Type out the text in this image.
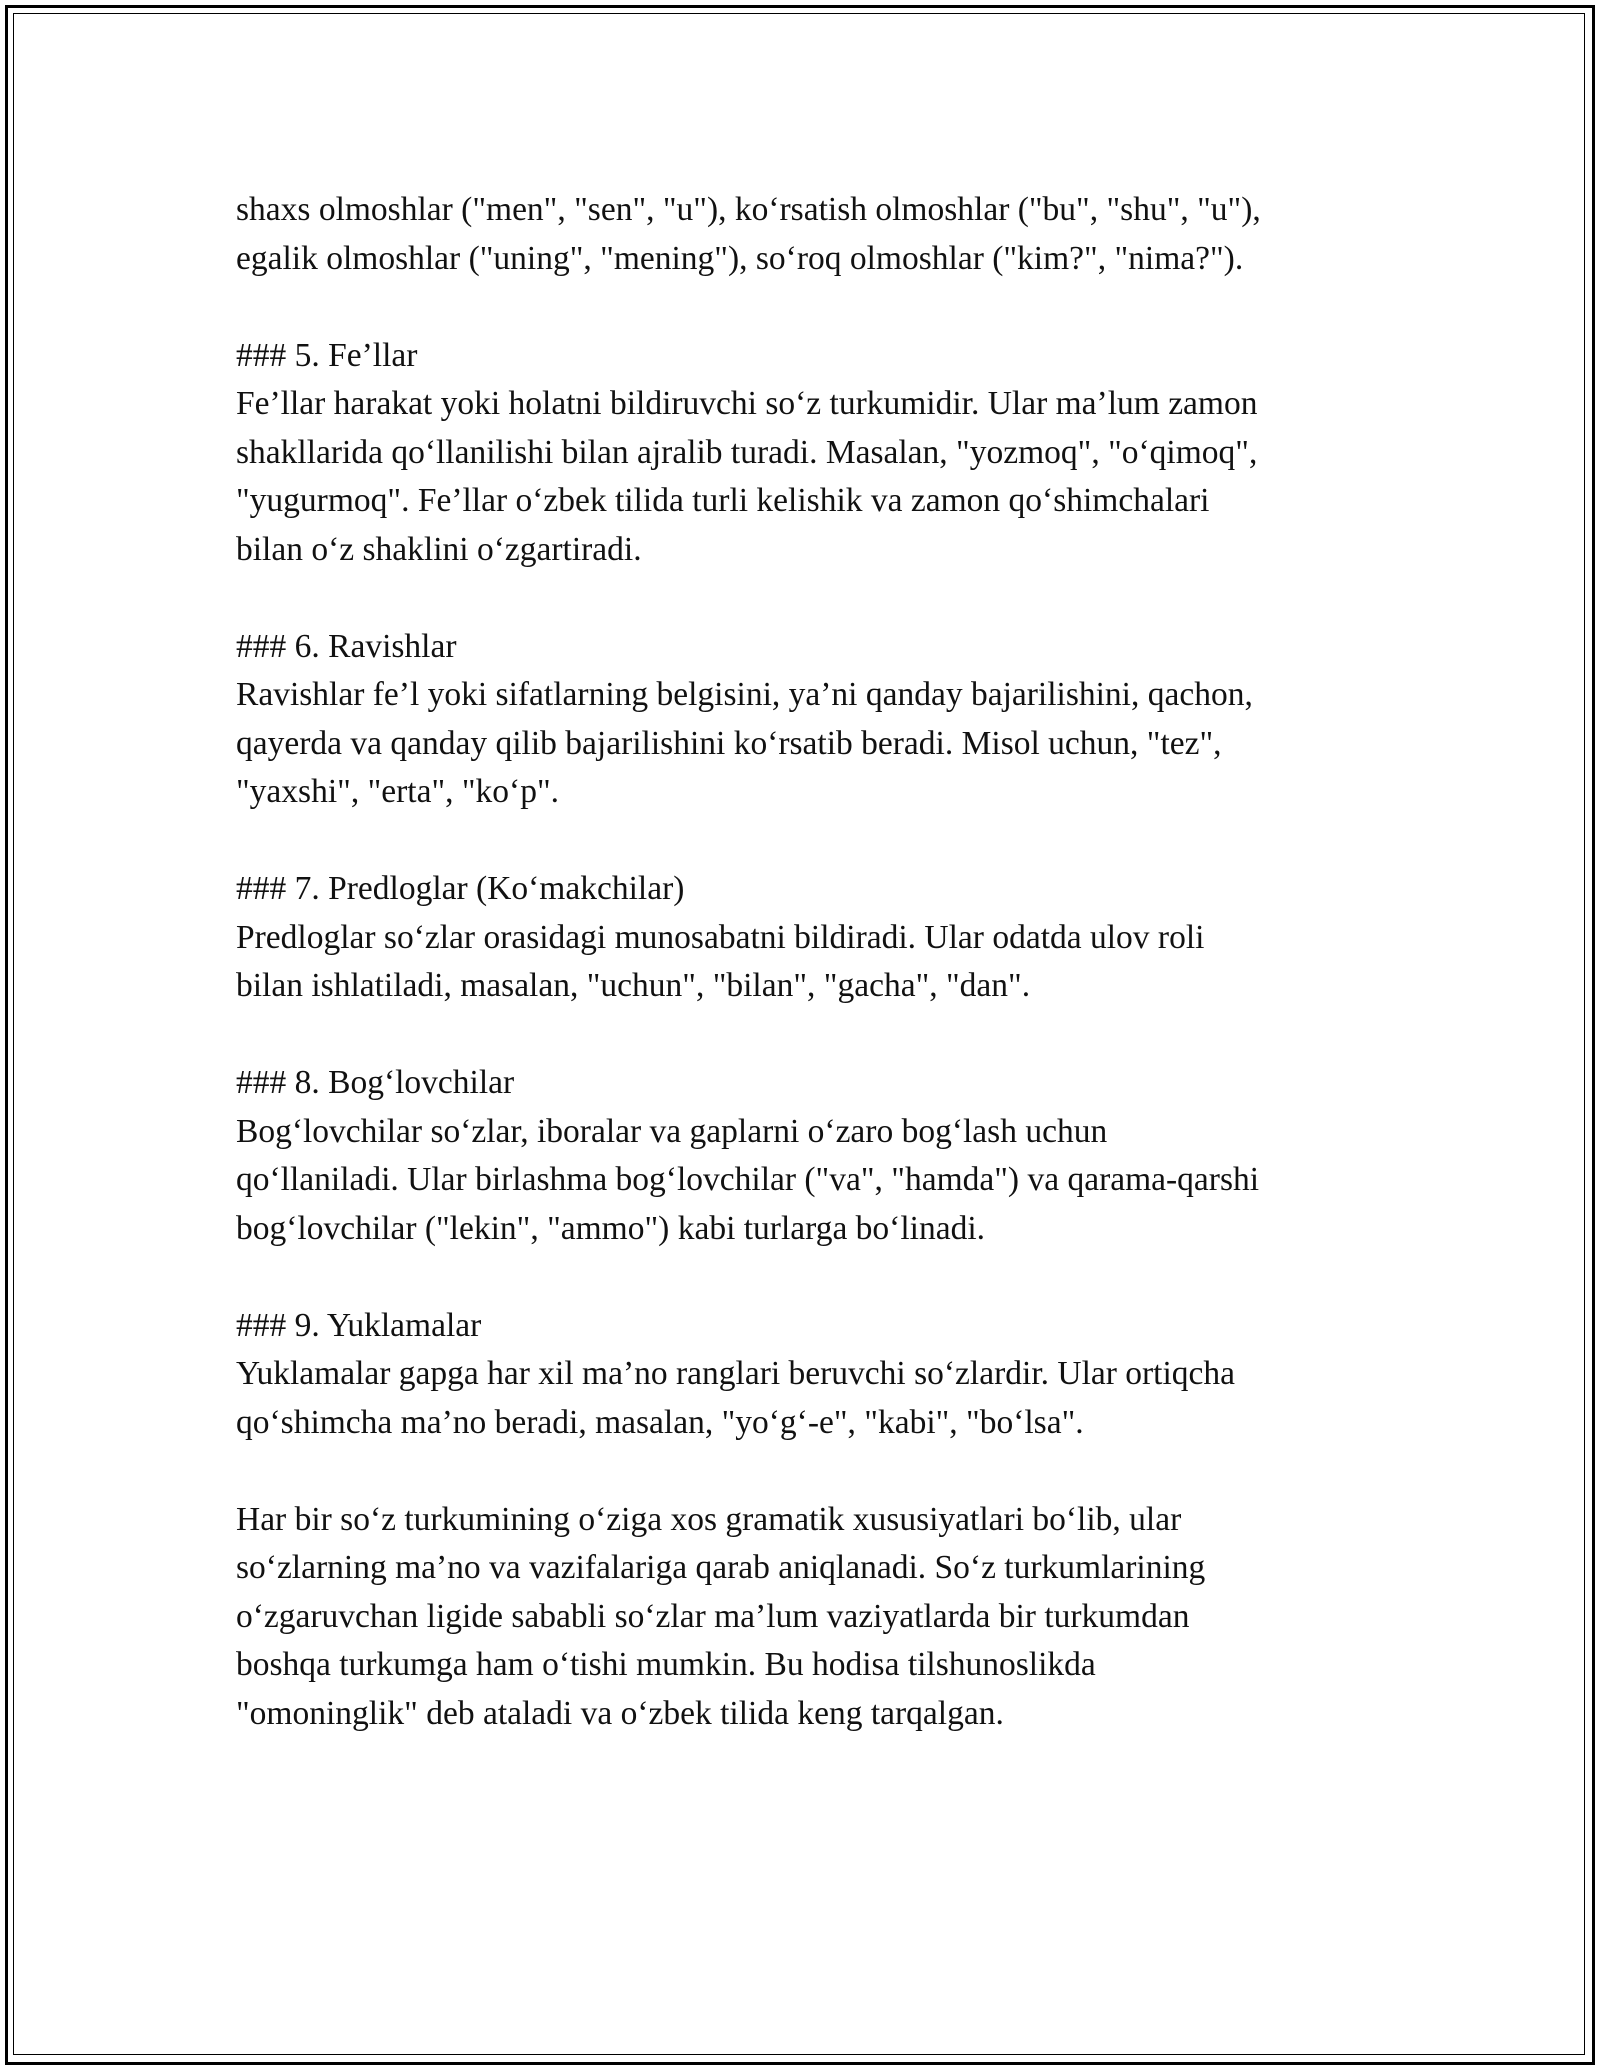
shaxs olmoshlar ("men", "sen", "u"), ko‘rsatish olmoshlar ("bu", "shu", "u"),
egalik olmoshlar ("uning", "mening"), so‘roq olmoshlar ("kim?", "nima?").

### 5. Fe’llar
Fe’llar harakat yoki holatni bildiruvchi so‘z turkumidir. Ular ma’lum zamon
shakllarida qo‘llanilishi bilan ajralib turadi. Masalan, "yozmoq", "o‘qimoq",
"yugurmoq". Fe’llar o‘zbek tilida turli kelishik va zamon qo‘shimchalari
bilan o‘z shaklini o‘zgartiradi.

### 6. Ravishlar
Ravishlar fe’l yoki sifatlarning belgisini, ya’ni qanday bajarilishini, qachon,
qayerda va qanday qilib bajarilishini ko‘rsatib beradi. Misol uchun, "tez",
"yaxshi", "erta", "ko‘p".

### 7. Predloglar (Ko‘makchilar)
Predloglar so‘zlar orasidagi munosabatni bildiradi. Ular odatda ulov roli
bilan ishlatiladi, masalan, "uchun", "bilan", "gacha", "dan".

### 8. Bog‘lovchilar
Bog‘lovchilar so‘zlar, iboralar va gaplarni o‘zaro bog‘lash uchun
qo‘llaniladi. Ular birlashma bog‘lovchilar ("va", "hamda") va qarama-qarshi
bog‘lovchilar ("lekin", "ammo") kabi turlarga bo‘linadi.

### 9. Yuklamalar
Yuklamalar gapga har xil ma’no ranglari beruvchi so‘zlardir. Ular ortiqcha
qo‘shimcha ma’no beradi, masalan, "yo‘g‘-e", "kabi", "bo‘lsa".

Har bir so‘z turkumining o‘ziga xos gramatik xususiyatlari bo‘lib, ular
so‘zlarning ma’no va vazifalariga qarab aniqlanadi. So‘z turkumlarining
o‘zgaruvchan ligide sababli so‘zlar ma’lum vaziyatlarda bir turkumdan
boshqa turkumga ham o‘tishi mumkin. Bu hodisa tilshunoslikda
"omoninglik" deb ataladi va o‘zbek tilida keng tarqalgan.
